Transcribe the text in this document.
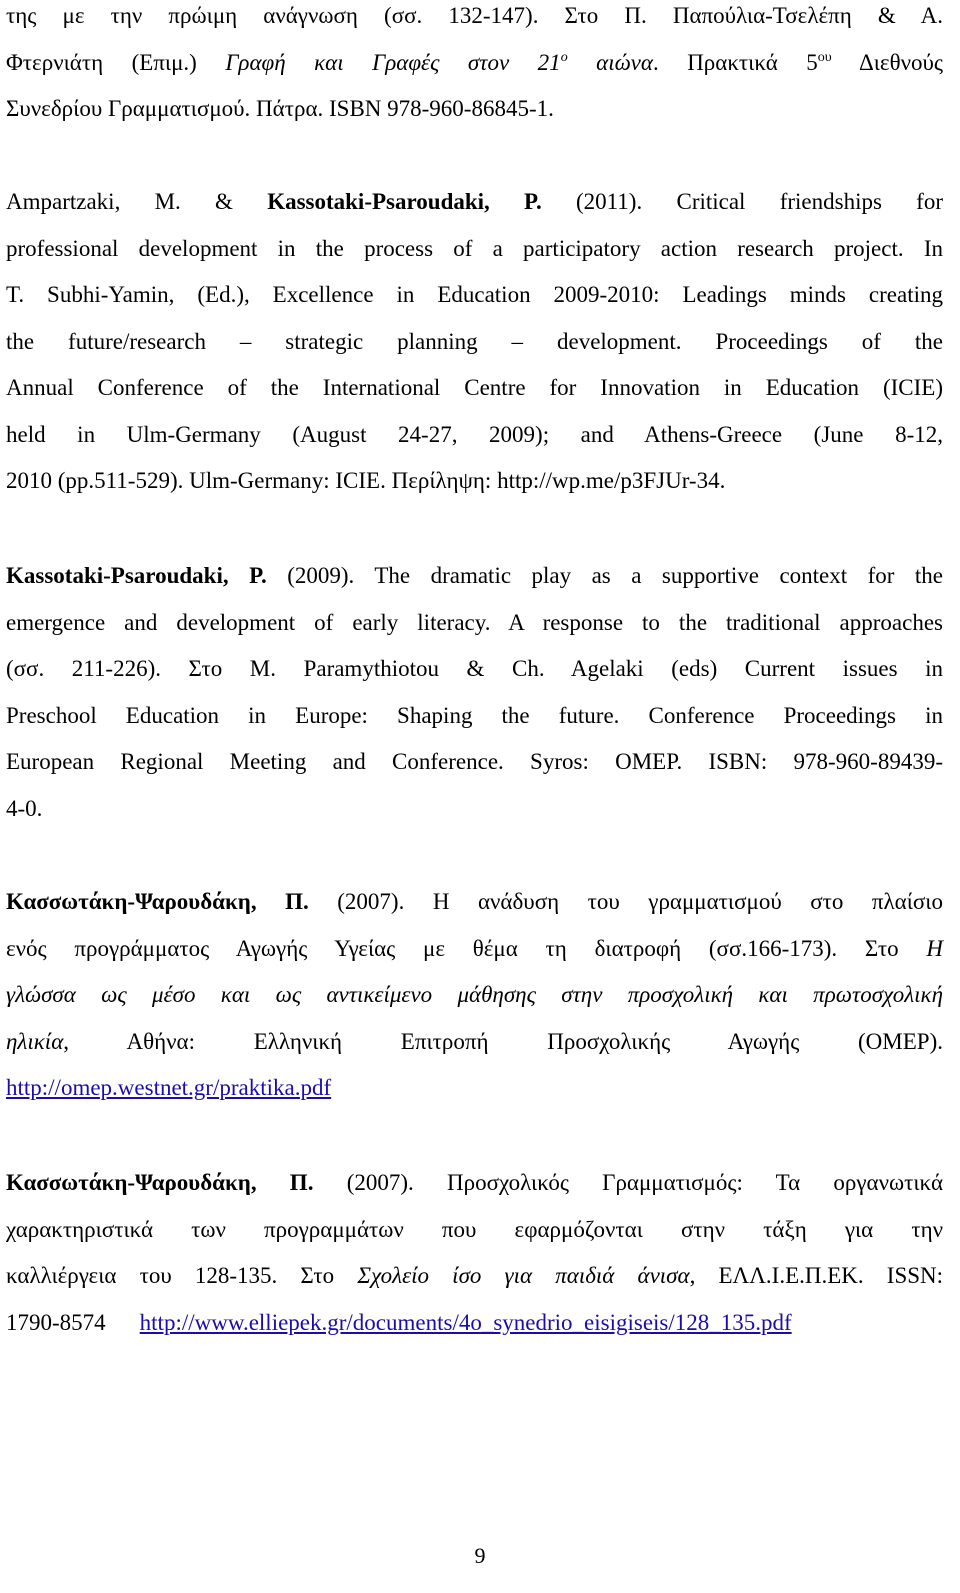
της με την πρώιμη ανάγνωση (σσ. 132-147). Στο Π. Παπούλια-Τσελέπη & Α.
Φτερνιάτη (Επιμ.) Γραφή και Γραφές στον $21^o$ αιώνα. Πρακτικά $5^{o\upsilon}$ Διεθνούς
Συνεδρίου Γραμματισμού. Πάτρα. ISBN 978-960-86845-1.
Ampartzaki, M. & Kassotaki-Psaroudaki, P. (2011). Critical friendships for
professional development in the process of a participatory action research project. In
T. Subhi-Yamin, (Ed.), Excellence in Education 2009-2010: Leadings minds creating
the future/research – strategic planning – development. Proceedings of the
Annual Conference of the International Centre for Innovation in Education (ICIE)
held in Ulm-Germany (August 24-27, 2009); and Athens-Greece (June 8-12,
2010 (pp.511-529). Ulm-Germany: ICIE. Περίληψη: http://wp.me/p3FJUr-34.
Kassotaki-Psaroudaki, P. (2009). The dramatic play as a supportive context for the
emergence and development of early literacy. A response to the traditional approaches
(σσ. 211-226). Στο Μ. Paramythiotou & Ch. Agelaki (eds) Current issues in
Preschool Education in Europe: Shaping the future. Conference Proceedings in
European Regional Meeting and Conference. Syros: OMEP. ISBN: 978-960-89439-
4-0.
Κασσωτάκη-Ψαρουδάκη, Π. (2007). Η ανάδυση του γραμματισμού στο πλαίσιο
ενός προγράμματος Αγωγής Υγείας με θέμα τη διατροφή (σσ.166-173). Στο Η
γλώσσα ως μέσο και ως αντικείμενο μάθησης στην προσχολική και πρωτοσχολική
ηλικία, Αθήνα: Ελληνική Επιτροπή Προσχολικής Αγωγής (ΟΜΕΡ).
http://omep.westnet.gr/praktika.pdf
Κασσωτάκη-Ψαρουδάκη, Π. (2007). Προσχολικός Γραμματισμός: Τα οργανωτικά
χαρακτηριστικά των προγραμμάτων που εφαρμόζονται στην τάξη για την
καλλιέργεια του 128-135. Στο Σχολείο ίσο για παιδιά άνισα, ΕΛΛ.Ι.Ε.Π.ΕΚ. ISSN:
1790-8574 http://www.elliepek.gr/documents/4o_synedrio_eisigiseis/128_135.pdf
9
